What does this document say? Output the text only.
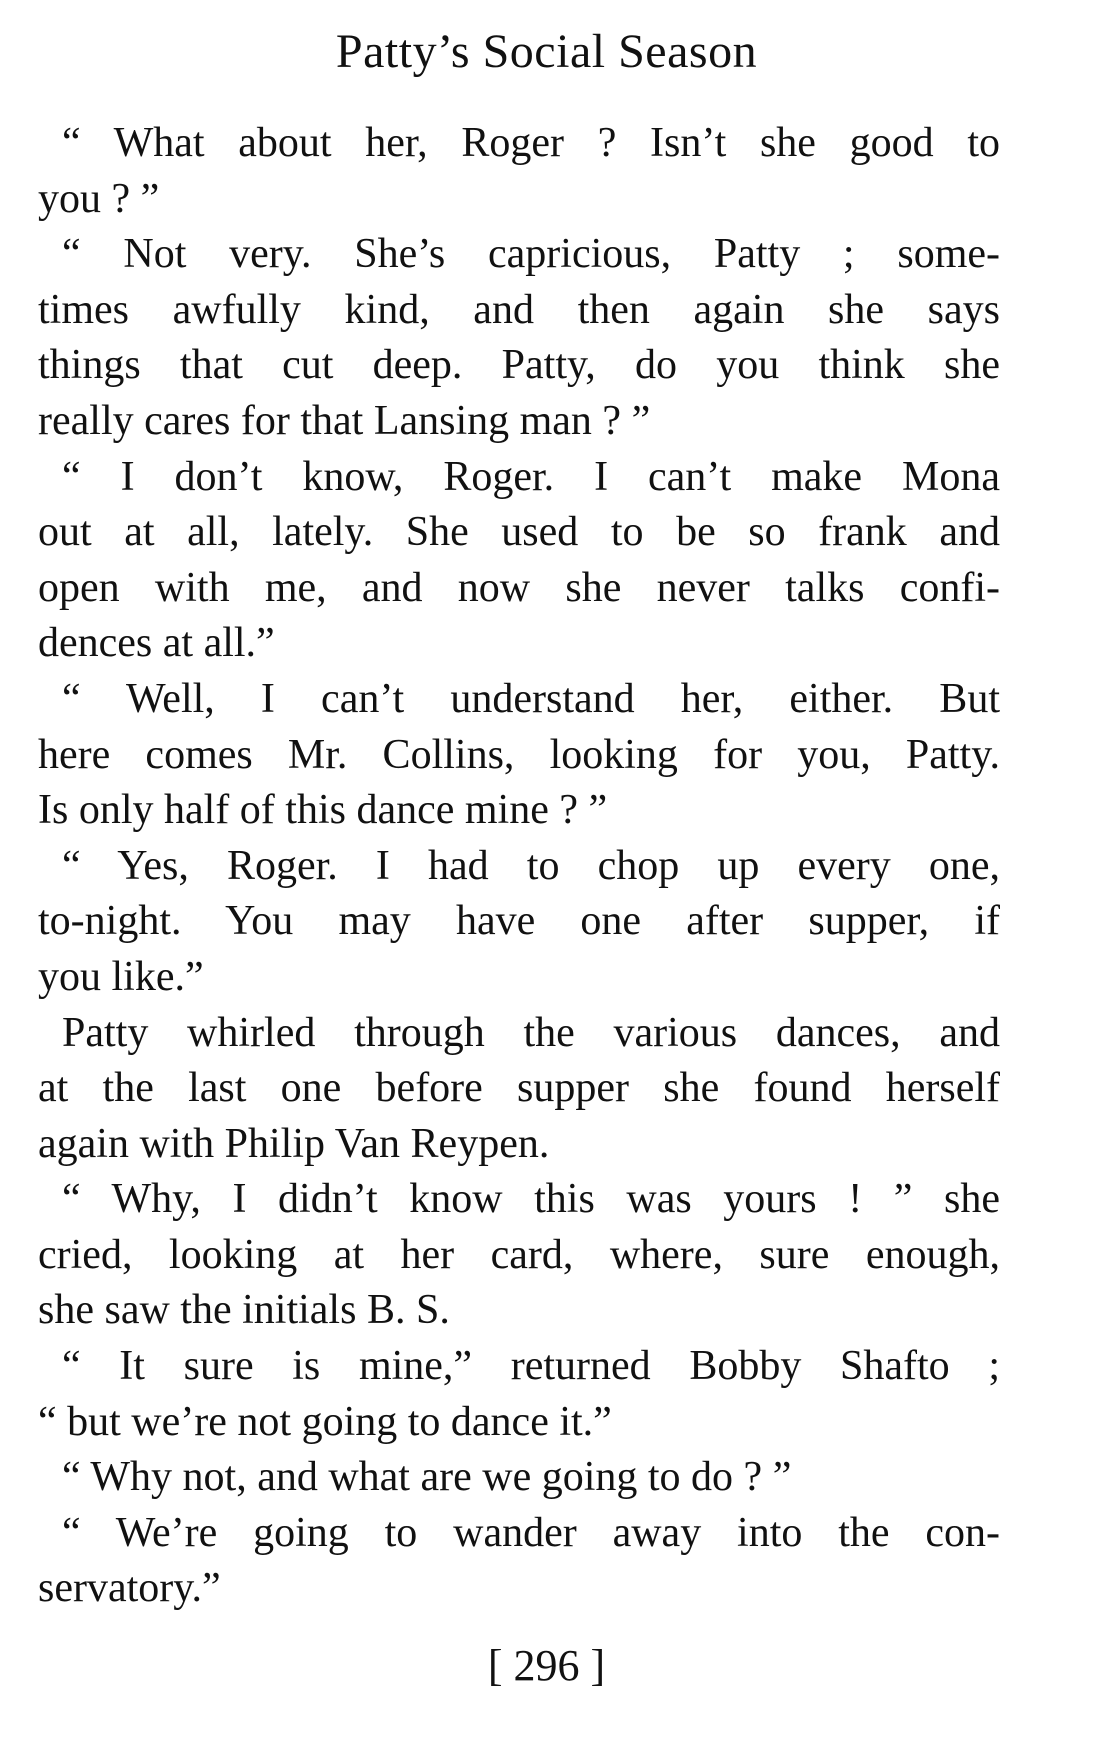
Patty’s Social Season
“ What about her, Roger ? Isn’t she good to
you ? ”
“ Not very. She’s capricious, Patty ; some-
times awfully kind, and then again she says
things that cut deep. Patty, do you think she
really cares for that Lansing man ? ”
“ I don’t know, Roger. I can’t make Mona
out at all, lately. She used to be so frank and
open with me, and now she never talks confi-
dences at all.”
“ Well, I can’t understand her, either. But
here comes Mr. Collins, looking for you, Patty.
Is only half of this dance mine ? ”
“ Yes, Roger. I had to chop up every one,
to-night. You may have one after supper, if
you like.”
Patty whirled through the various dances, and
at the last one before supper she found herself
again with Philip Van Reypen.
“ Why, I didn’t know this was yours ! ” she
cried, looking at her card, where, sure enough,
she saw the initials B. S.
“ It sure is mine,” returned Bobby Shafto ;
“ but we’re not going to dance it.”
“ Why not, and what are we going to do ? ”
“ We’re going to wander away into the con-
servatory.”
[ 296 ]
